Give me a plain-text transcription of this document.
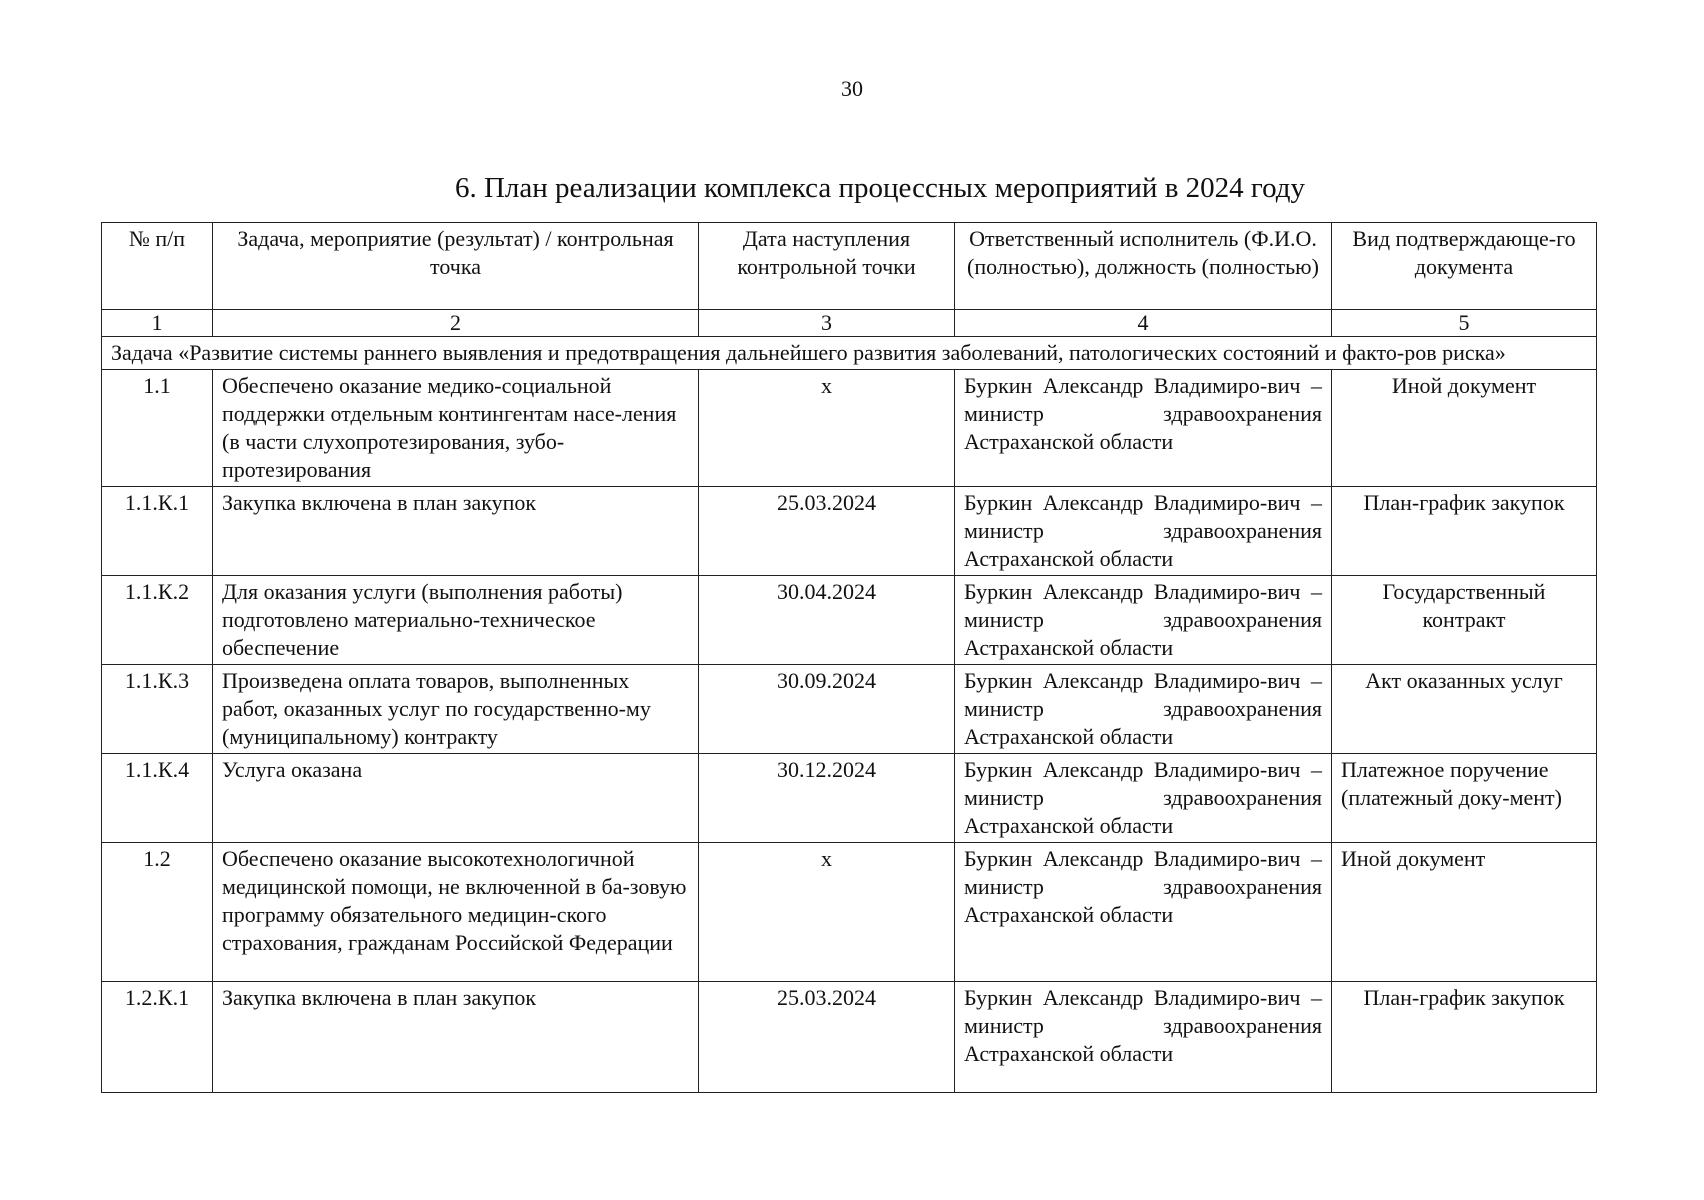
30
6. План реализации комплекса процессных мероприятий в 2024 году
№ п/п	Задача, мероприятие (результат) / контрольная точка	Дата наступления контрольной точки	Ответственный исполнитель (Ф.И.О. (полностью), должность (полностью)	Вид подтверждающе-го документа
1	2	3	4	5
Задача «Развитие системы раннего выявления и предотвращения дальнейшего развития заболеваний, патологических состояний и факто-ров риска»				
1.1	Обеспечено оказание медико-социальной поддержки отдельным контингентам насе-ления (в части слухопротезирования, зубо-протезирования	х	Буркин Александр Владимиро-вич – министр здравоохранения Астраханской области	Иной документ
1.1.К.1	Закупка включена в план закупок	25.03.2024	Буркин Александр Владимиро-вич – министр здравоохранения Астраханской области	План-график закупок
1.1.К.2	Для оказания услуги (выполнения работы) подготовлено материально-техническое обеспечение	30.04.2024	Буркин Александр Владимиро-вич – министр здравоохранения Астраханской области	Государственный контракт
1.1.К.3	Произведена оплата товаров, выполненных работ, оказанных услуг по государственно-му (муниципальному) контракту	30.09.2024	Буркин Александр Владимиро-вич – министр здравоохранения Астраханской области	Акт оказанных услуг
1.1.К.4	Услуга оказана	30.12.2024	Буркин Александр Владимиро-вич – министр здравоохранения Астраханской области	Платежное поручение (платежный доку-мент)
1.2	Обеспечено оказание высокотехнологичной медицинской помощи, не включенной в ба-зовую программу обязательного медицин-ского страхования, гражданам Российской Федерации	х	Буркин Александр Владимиро-вич – министр здравоохранения Астраханской области	Иной документ
1.2.К.1	Закупка включена в план закупок	25.03.2024	Буркин Александр Владимиро-вич – министр здравоохранения Астраханской области	План-график закупок
